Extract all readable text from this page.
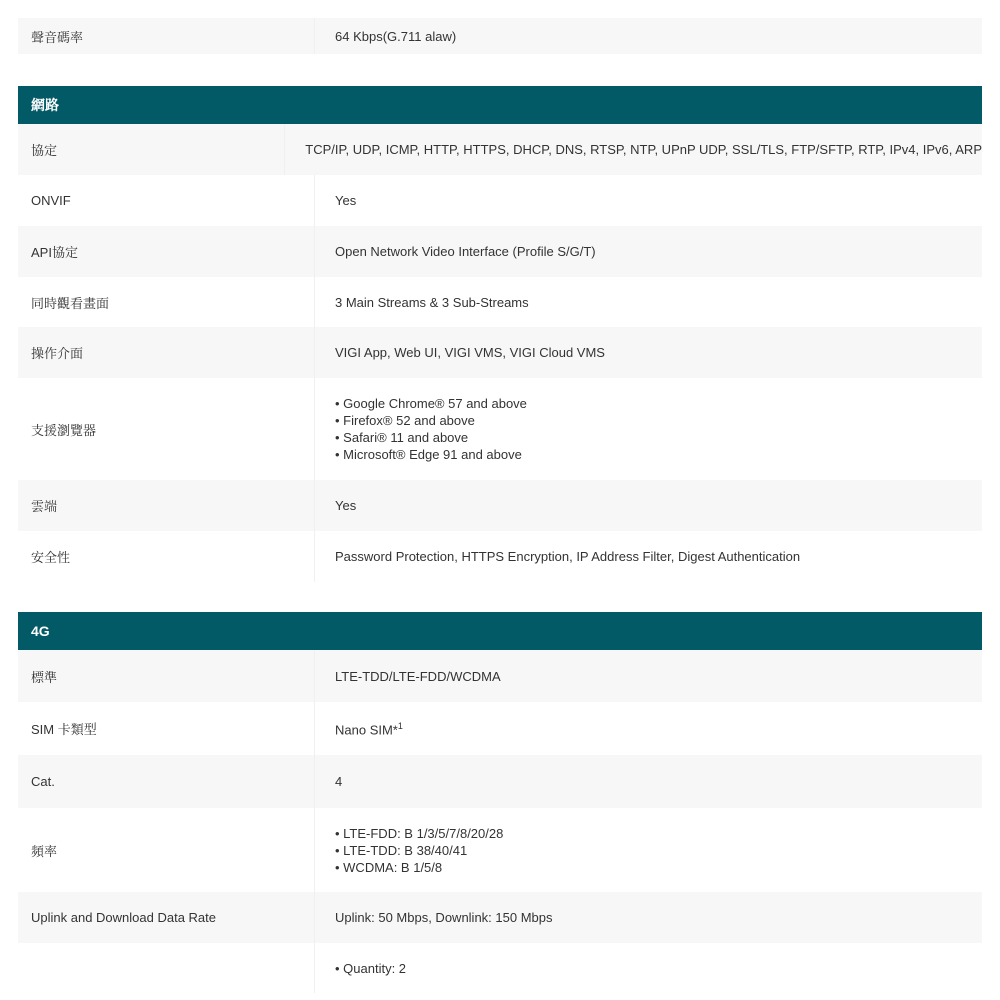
聲音碼率	64 Kbps(G.711 alaw)
網路
協定	TCP/IP, UDP, ICMP, HTTP, HTTPS, DHCP, DNS, RTSP, NTP, UPnP UDP, SSL/TLS, FTP/SFTP, RTP, IPv4, IPv6, ARP
ONVIF	Yes
API協定	Open Network Video Interface (Profile S/G/T)
同時觀看畫面	3 Main Streams & 3 Sub-Streams
操作介面	VIGI App, Web UI, VIGI VMS, VIGI Cloud VMS
支援瀏覽器
• Google Chrome® 57 and above
• Firefox® 52 and above
• Safari® 11 and above
• Microsoft® Edge 91 and above
雲端	Yes
安全性	Password Protection, HTTPS Encryption, IP Address Filter, Digest Authentication
4G
標準	LTE-TDD/LTE-FDD/WCDMA
SIM 卡類型	Nano SIM*$^1$
Cat.	4
頻率
• LTE-FDD: B 1/3/5/7/8/20/28
• LTE-TDD: B 38/40/41
• WCDMA: B 1/5/8
Uplink and Download Data Rate	Uplink: 50 Mbps, Downlink: 150 Mbps
• Quantity: 2
